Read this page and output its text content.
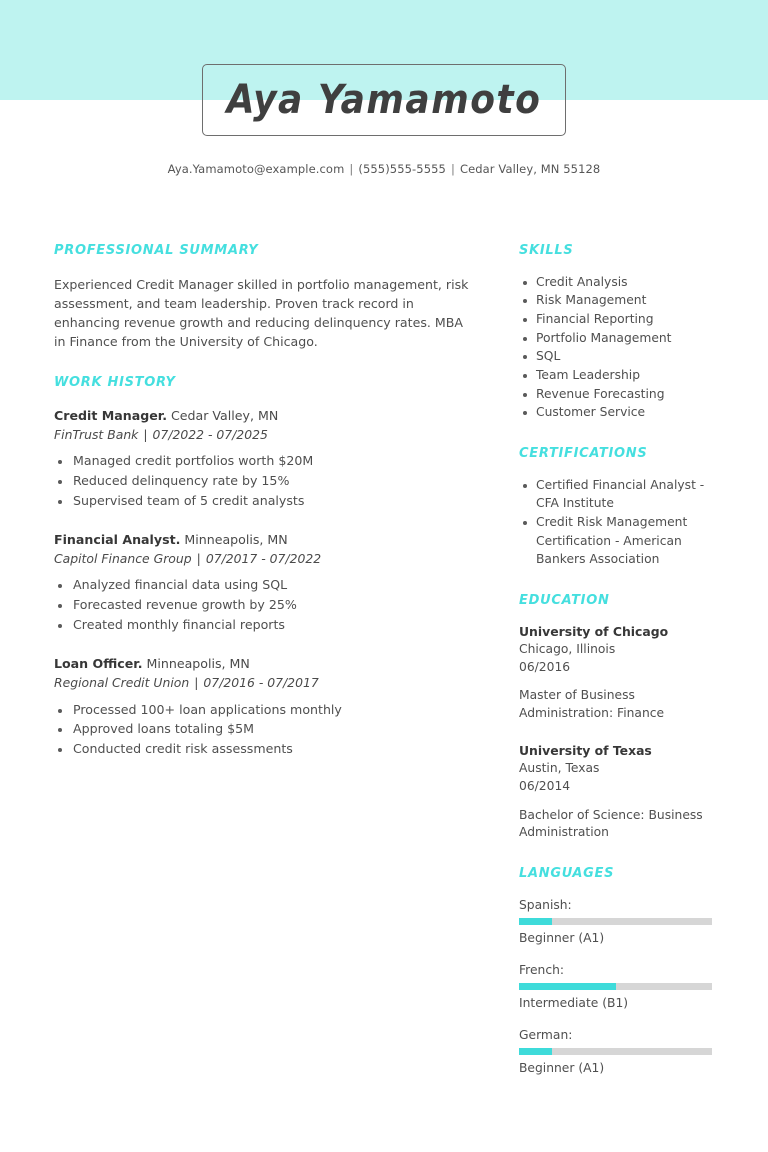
Aya Yamamoto
Aya.Yamamoto@example.com | (555)555-5555 | Cedar Valley, MN 55128
PROFESSIONAL SUMMARY

Experienced Credit Manager skilled in portfolio management, risk assessment, and team leadership. Proven track record in enhancing revenue growth and reducing delinquency rates. MBA in Finance from the University of Chicago.

WORK HISTORY
Credit Manager. Cedar Valley, MN
FinTrust Bank | 07/2022 - 07/2025
Managed credit portfolios worth $20M
Reduced delinquency rate by 15%
Supervised team of 5 credit analysts
Financial Analyst. Minneapolis, MN
Capitol Finance Group | 07/2017 - 07/2022
Analyzed financial data using SQL
Forecasted revenue growth by 25%
Created monthly financial reports
Loan Officer. Minneapolis, MN
Regional Credit Union | 07/2016 - 07/2017
Processed 100+ loan applications monthly
Approved loans totaling $5M
Conducted credit risk assessments
SKILLS
Credit Analysis
Risk Management
Financial Reporting
Portfolio Management
SQL
Team Leadership
Revenue Forecasting
Customer Service
CERTIFICATIONS
Certified Financial Analyst - CFA Institute
Credit Risk Management Certification - American Bankers Association
EDUCATION
University of Chicago
Chicago, Illinois
06/2016
Master of Business Administration: Finance
University of Texas
Austin, Texas
06/2014
Bachelor of Science: Business Administration
LANGUAGES
Spanish:
Beginner (A1)
French:
Intermediate (B1)
German:
Beginner (A1)
